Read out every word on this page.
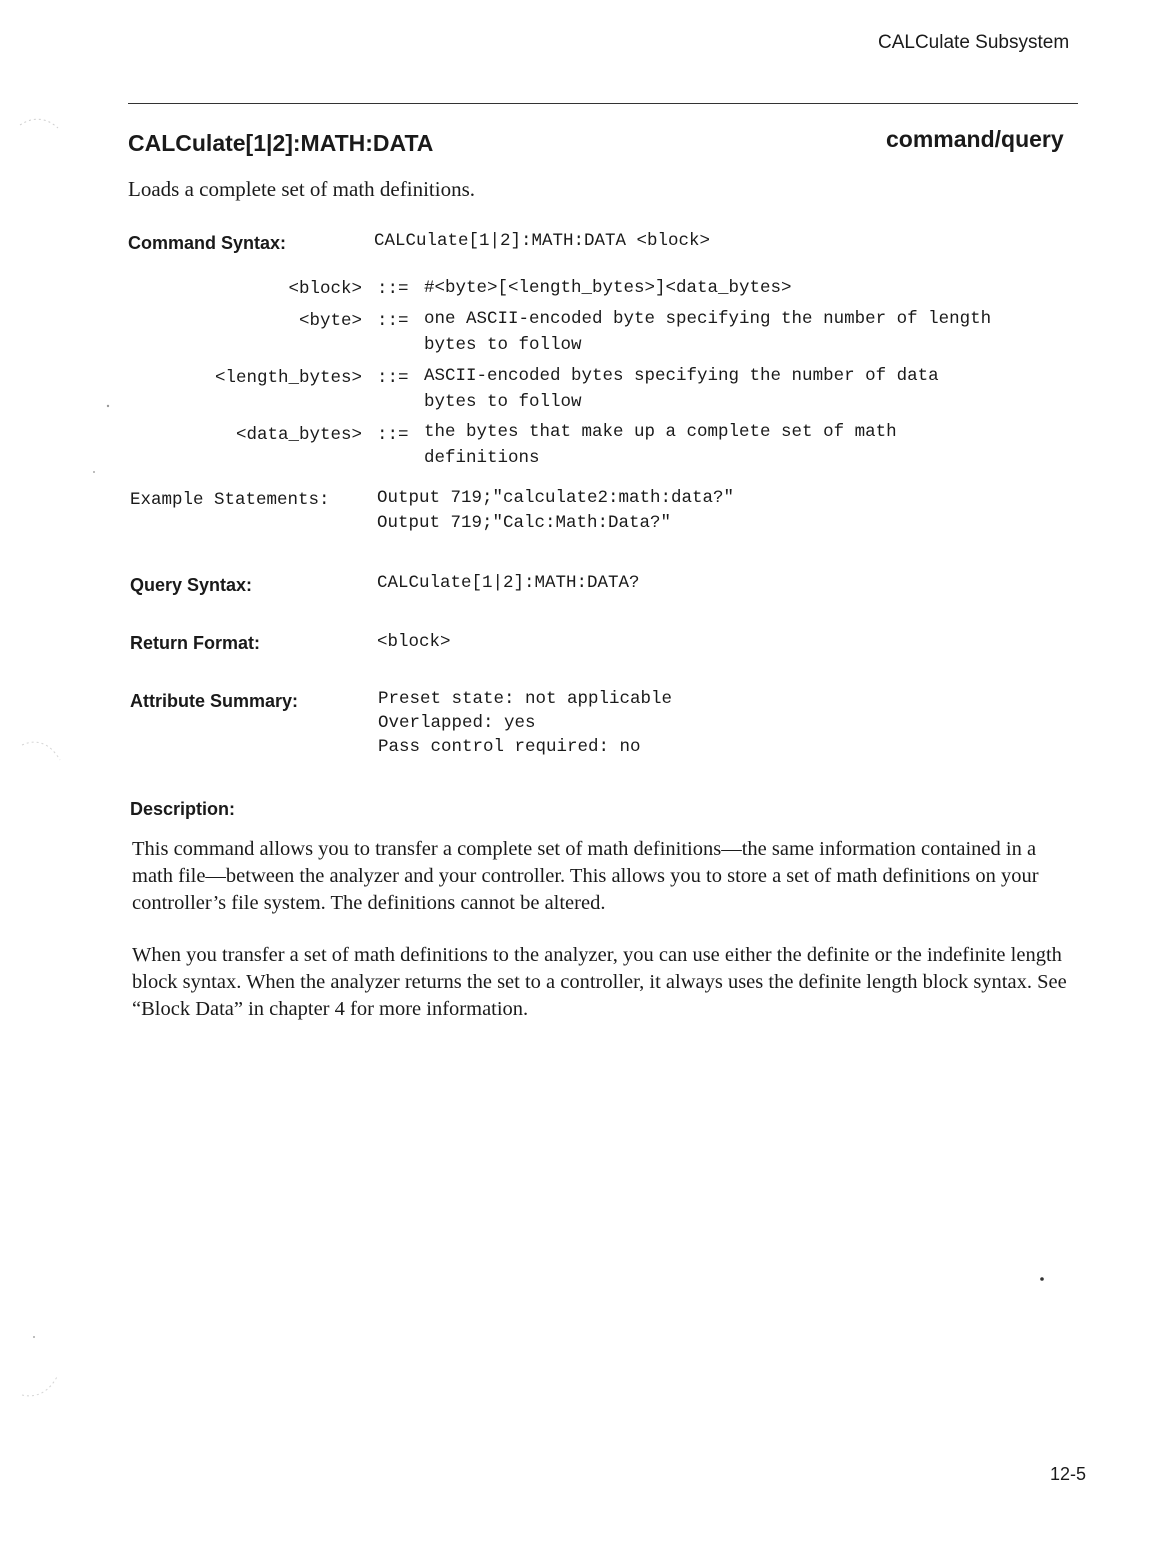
CALCulate Subsystem
CALCulate[1|2]:MATH:DATA	command/query
Loads a complete set of math definitions.
Command Syntax:	CALCulate[1|2]:MATH:DATA <block>
<block> ::= #<byte>[<length_bytes>]<data_bytes>
<byte> ::= one ASCII-encoded byte specifying the number of length
bytes to follow
<length_bytes> ::= ASCII-encoded bytes specifying the number of data
bytes to follow
<data_bytes> ::= the bytes that make up a complete set of math
definitions
Example Statements:	Output 719;"calculate2:math:data?"
Output 719;"Calc:Math:Data?"
Query Syntax:	CALCulate[1|2]:MATH:DATA?
Return Format:	<block>
Attribute Summary:	Preset state: not applicable
Overlapped: yes
Pass control required: no
Description:
This command allows you to transfer a complete set of math definitions—the same information contained in a math file—between the analyzer and your controller. This allows you to store a set of math definitions on your controller’s file system. The definitions cannot be altered.
When you transfer a set of math definitions to the analyzer, you can use either the definite or the indefinite length block syntax. When the analyzer returns the set to a controller, it always uses the definite length block syntax. See “Block Data” in chapter 4 for more information.
12-5
